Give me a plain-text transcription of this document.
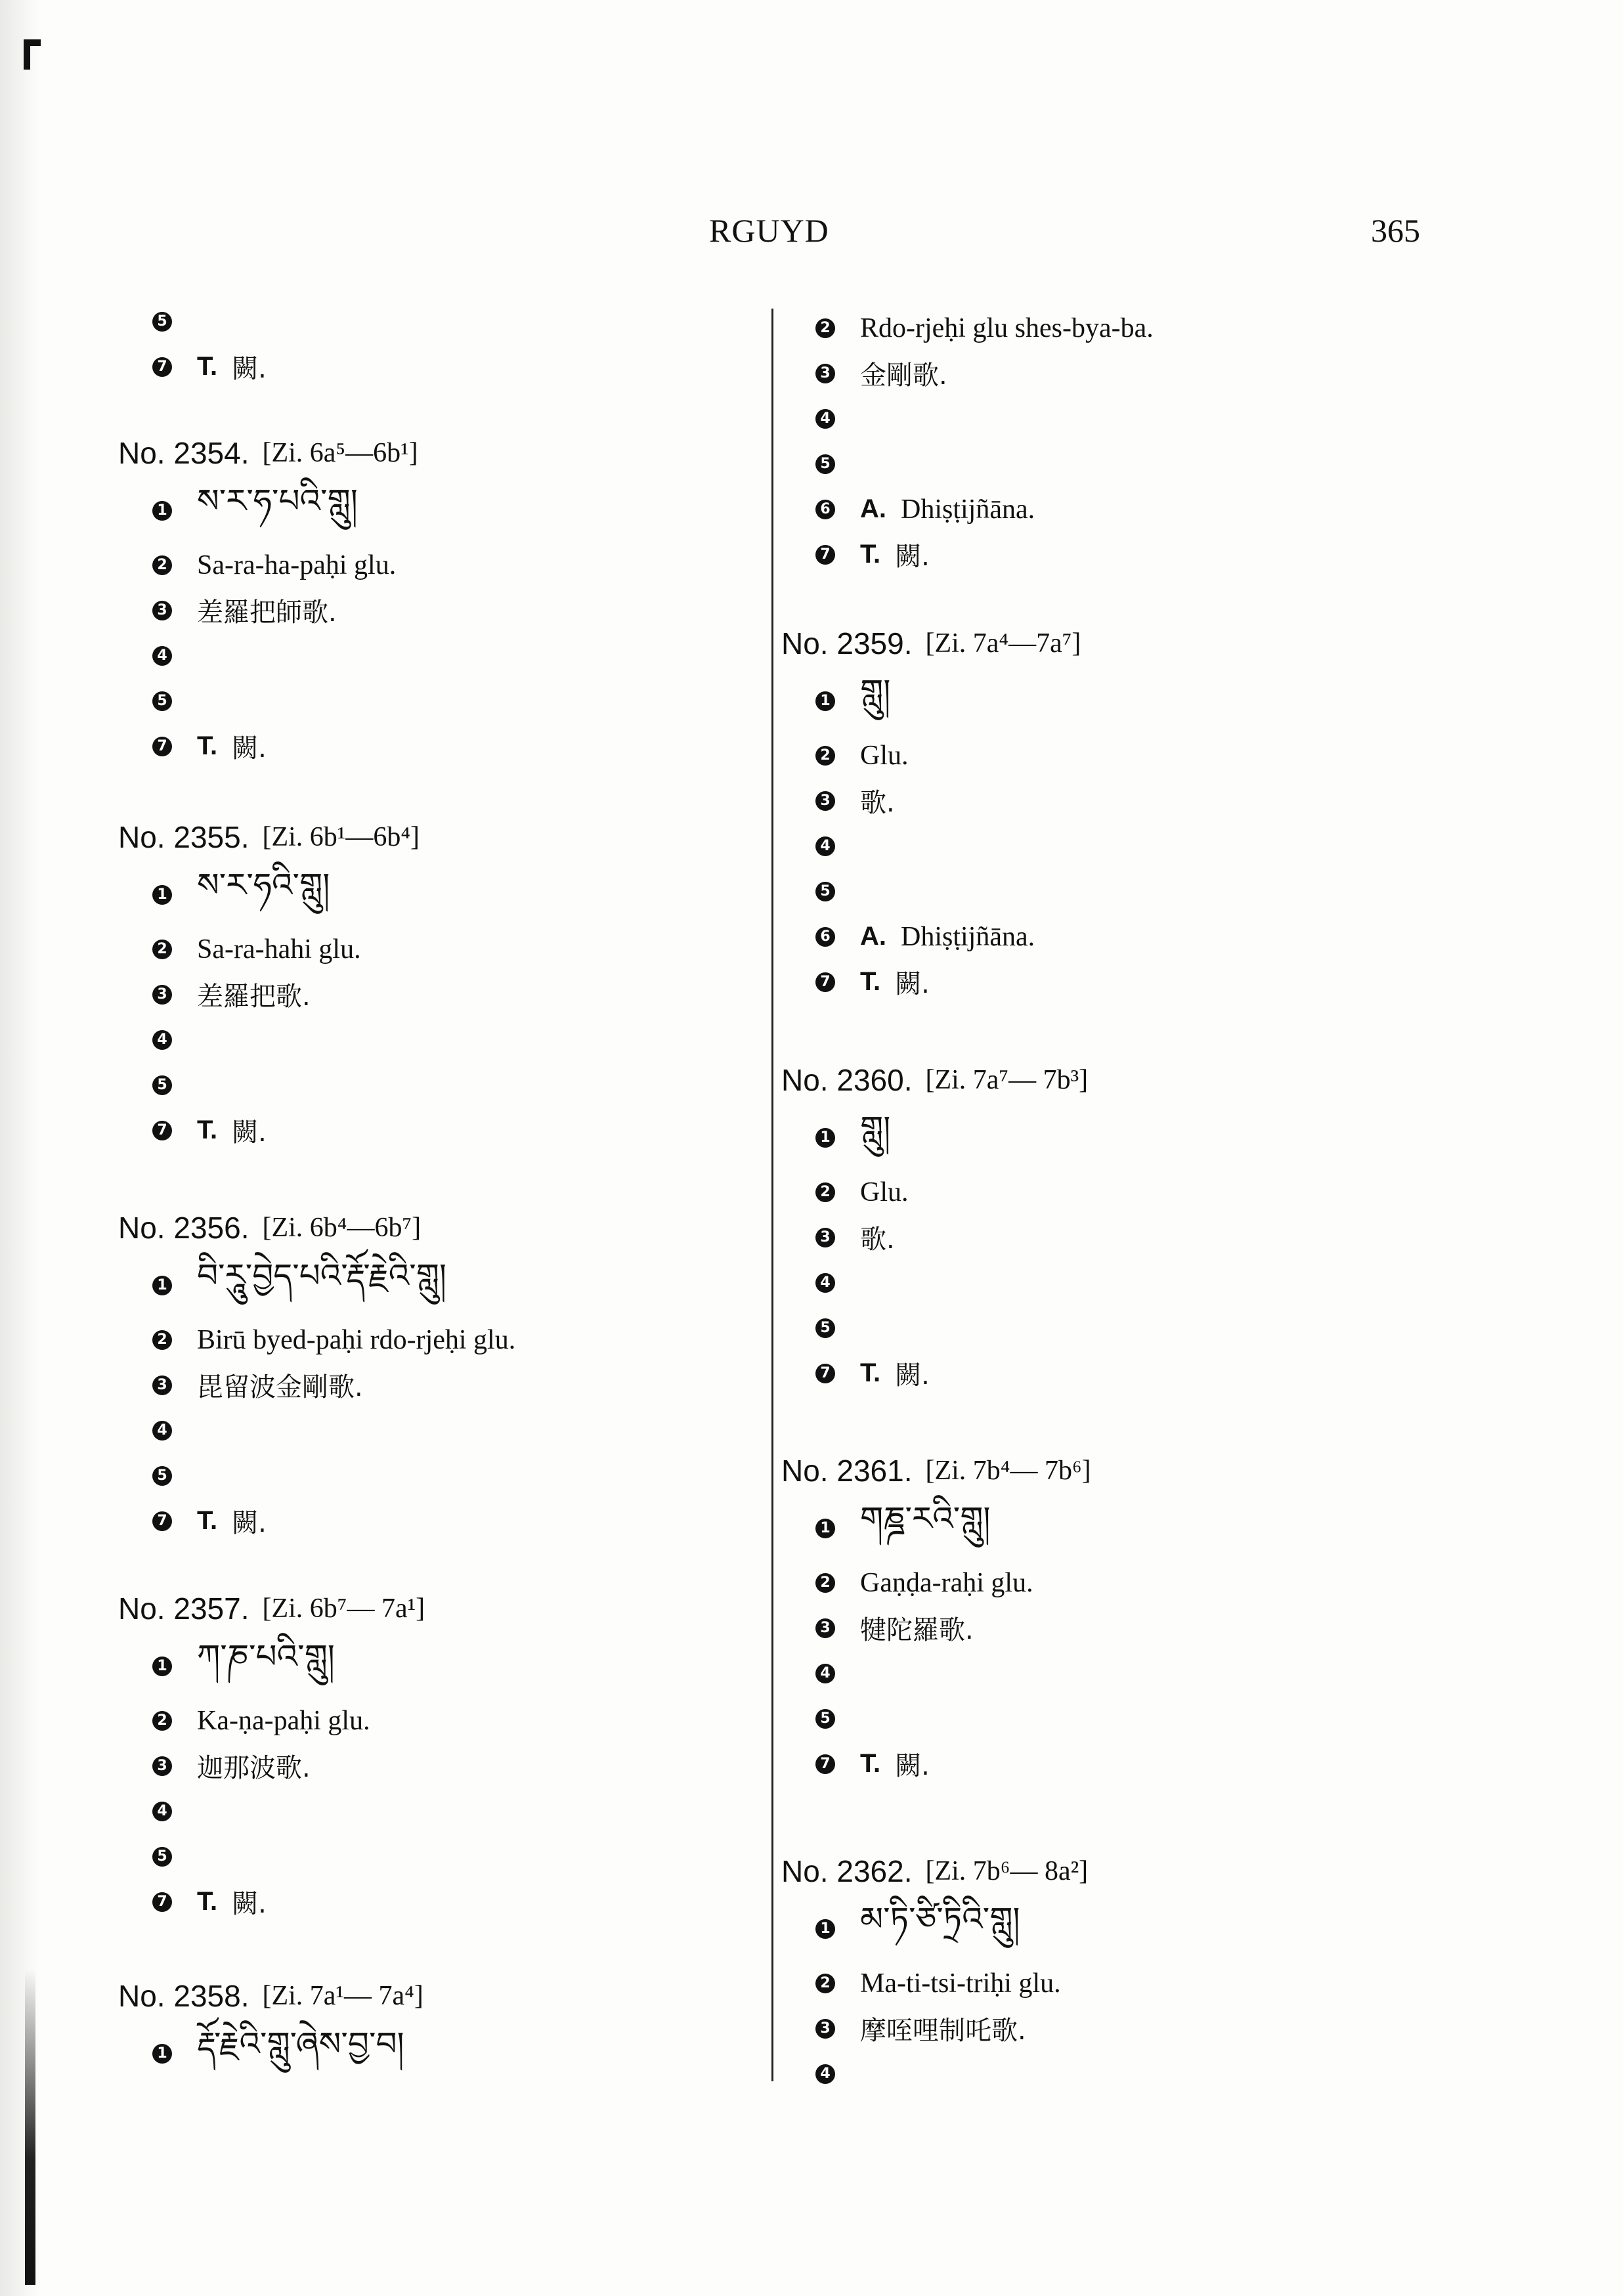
RGUYD	365
5
7 T. 闕.
No. 2354. [Zi. 6a⁵—6b¹]
1 ས་ར་ཧ་པའི་གླུ།
2 Sa-ra-ha-paḥi glu.
3 差羅把師歌.
4
5
7 T. 闕.
No. 2355. [Zi. 6b¹—6b⁴]
1 ས་ར་ཧའི་གླུ།
2 Sa-ra-hahi glu.
3 差羅把歌.
4
5
7 T. 闕.
No. 2356. [Zi. 6b⁴—6b⁷]
1 བི་རཱུ་བྱེད་པའི་རྡོ་རྗེའི་གླུ།
2 Birū byed-paḥi rdo-rjeḥi glu.
3 毘留波金剛歌.
4
5
7 T. 闕.
No. 2357. [Zi. 6b⁷— 7a¹]
1 ཀ་ཎ་པའི་གླུ།
2 Ka-ṇa-paḥi glu.
3 迦那波歌.
4
5
7 T. 闕.
No. 2358. [Zi. 7a¹— 7a⁴]
1 རྡོ་རྗེའི་གླུ་ཞེས་བྱ་བ།
2 Rdo-rjeḥi glu shes-bya-ba.
3 金剛歌.
4
5
6 A. Dhiṣṭijñāna.
7 T. 闕.
No. 2359. [Zi. 7a⁴—7a⁷]
1 གླུ།
2 Glu.
3 歌.
4
5
6 A. Dhiṣṭijñāna.
7 T. 闕.
No. 2360. [Zi. 7a⁷— 7b³]
1 གླུ།
2 Glu.
3 歌.
4
5
7 T. 闕.
No. 2361. [Zi. 7b⁴— 7b⁶]
1 གཎྜ་རའི་གླུ།
2 Gaṇḍa-raḥi glu.
3 犍陀羅歌.
4
5
7 T. 闕.
No. 2362. [Zi. 7b⁶— 8a²]
1 མ་ཏི་ཙི་ཏྲིའི་གླུ།
2 Ma-ti-tsi-triḥi glu.
3 摩咥哩制吒歌.
4
